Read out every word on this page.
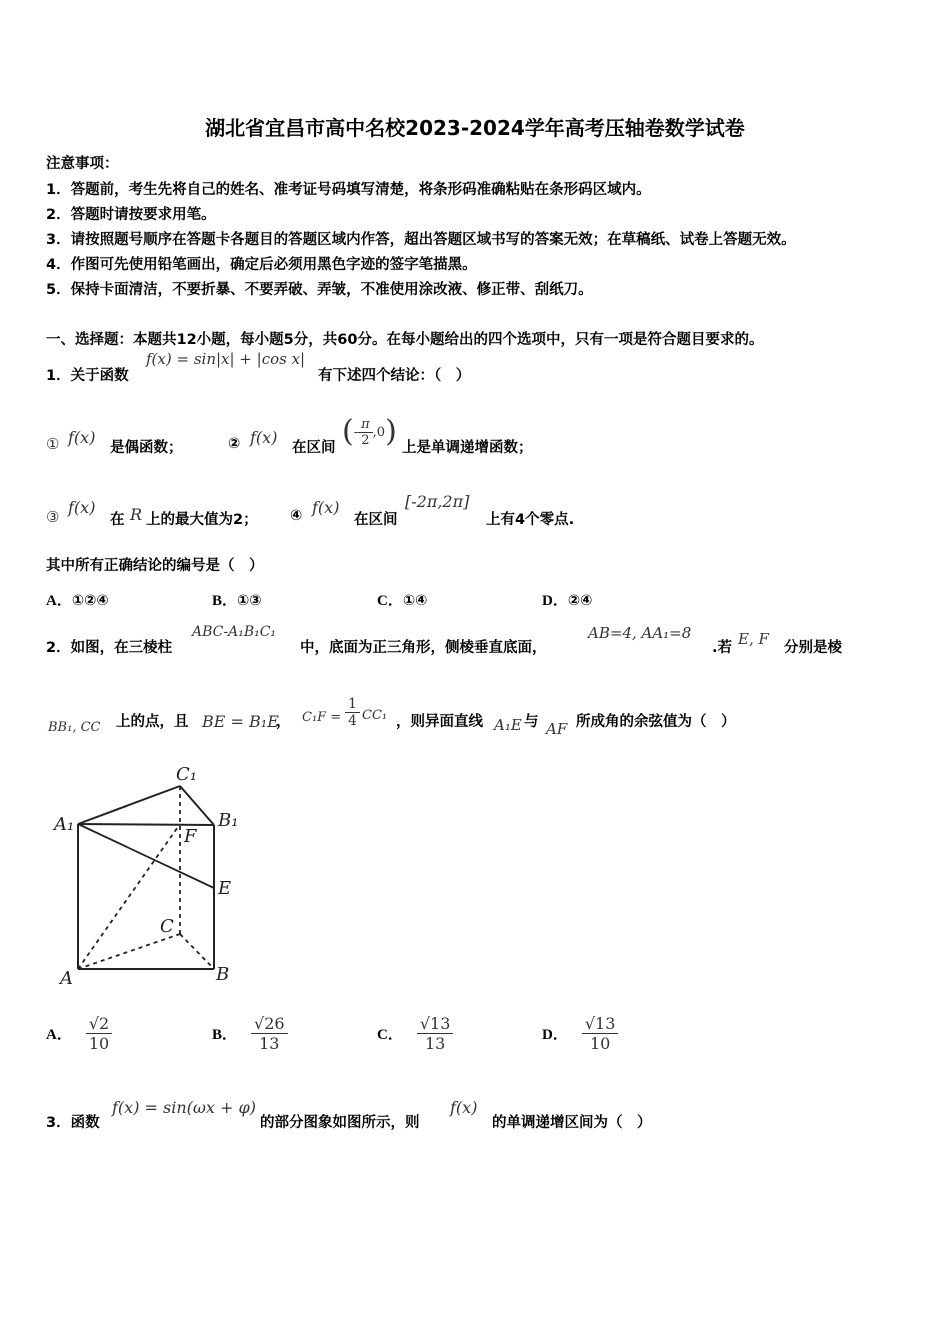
湖北省宜昌市高中名校2023-2024学年高考压轴卷数学试卷
注意事项：
1．答题前，考生先将自己的姓名、准考证号码填写清楚，将条形码准确粘贴在条形码区域内。
2．答题时请按要求用笔。
3．请按照题号顺序在答题卡各题目的答题区域内作答，超出答题区域书写的答案无效；在草稿纸、试卷上答题无效。
4．作图可先使用铅笔画出，确定后必须用黑色字迹的签字笔描黑。
5．保持卡面清洁，不要折暴、不要弄破、弄皱，不准使用涂改液、修正带、刮纸刀。
一、选择题：本题共12小题，每小题5分，共60分。在每小题给出的四个选项中，只有一项是符合题目要求的。
1．关于函数
f(x) = sin|x| + |cos x|
有下述四个结论：（　）
① f(x)
是偶函数；	② f(x)
在区间 ( - $\frac{\pi}{2} ,0$ ) 上是单调递增函数；
③ f(x)
在 R 上的最大值为2； ④ f(x)
在区间
[-2π,2π]
上有4个零点.
其中所有正确结论的编号是（　）
A．①②④	B．①③	C．①④	D．②④
2．如图，在三棱柱
ABC-A₁B₁C₁
中，底面为正三角形，侧棱垂直底面，
AB=4, AA₁=8
.若 E, F 分别是棱
BB₁, CC 上的点，且 BE = B₁E
， $C_1F = \frac{1}{4} CC_1$ ，则异面直线 A₁E 与 AF 所成角的余弦值为（　）
C₁
A₁	B₁
F
E
C
A	B
A． $\frac{√2}{10}$	B． $\frac{√26}{13}$	C． $\frac{√13}{13}$	D． $\frac{√13}{10}$
3．函数
f(x) = sin(ωx + φ)
的部分图象如图所示，则
f(x)
的单调递增区间为（　）
